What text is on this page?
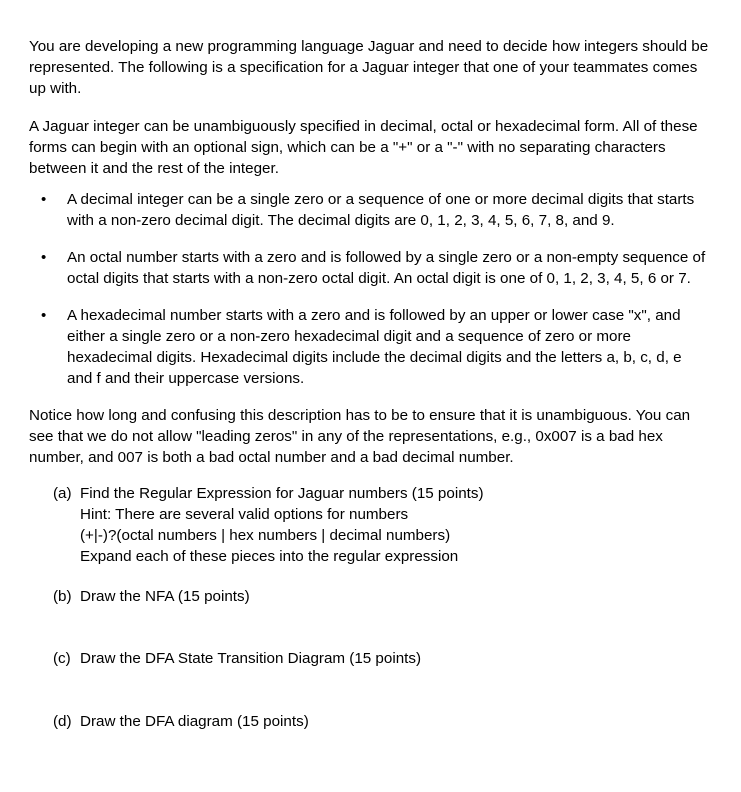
You are developing a new programming language Jaguar and need to decide how integers should be represented. The following is a specification for a Jaguar integer that one of your teammates comes up with.

A Jaguar integer can be unambiguously specified in decimal, octal or hexadecimal form. All of these forms can begin with an optional sign, which can be a "+" or a "-" with no separating characters between it and the rest of the integer.

• A decimal integer can be a single zero or a sequence of one or more decimal digits that starts with a non-zero decimal digit. The decimal digits are 0, 1, 2, 3, 4, 5, 6, 7, 8, and 9.
• An octal number starts with a zero and is followed by a single zero or a non-empty sequence of octal digits that starts with a non-zero octal digit. An octal digit is one of 0, 1, 2, 3, 4, 5, 6 or 7.
• A hexadecimal number starts with a zero and is followed by an upper or lower case "x", and either a single zero or a non-zero hexadecimal digit and a sequence of zero or more hexadecimal digits. Hexadecimal digits include the decimal digits and the letters a, b, c, d, e and f and their uppercase versions.

Notice how long and confusing this description has to be to ensure that it is unambiguous. You can see that we do not allow "leading zeros" in any of the representations, e.g., 0x007 is a bad hex number, and 007 is both a bad octal number and a bad decimal number.

(a) Find the Regular Expression for Jaguar numbers (15 points)
Hint: There are several valid options for numbers
(+|-)?(octal numbers | hex numbers | decimal numbers)
Expand each of these pieces into the regular expression
(b) Draw the NFA (15 points)
(c) Draw the DFA State Transition Diagram (15 points)
(d) Draw the DFA diagram (15 points)
